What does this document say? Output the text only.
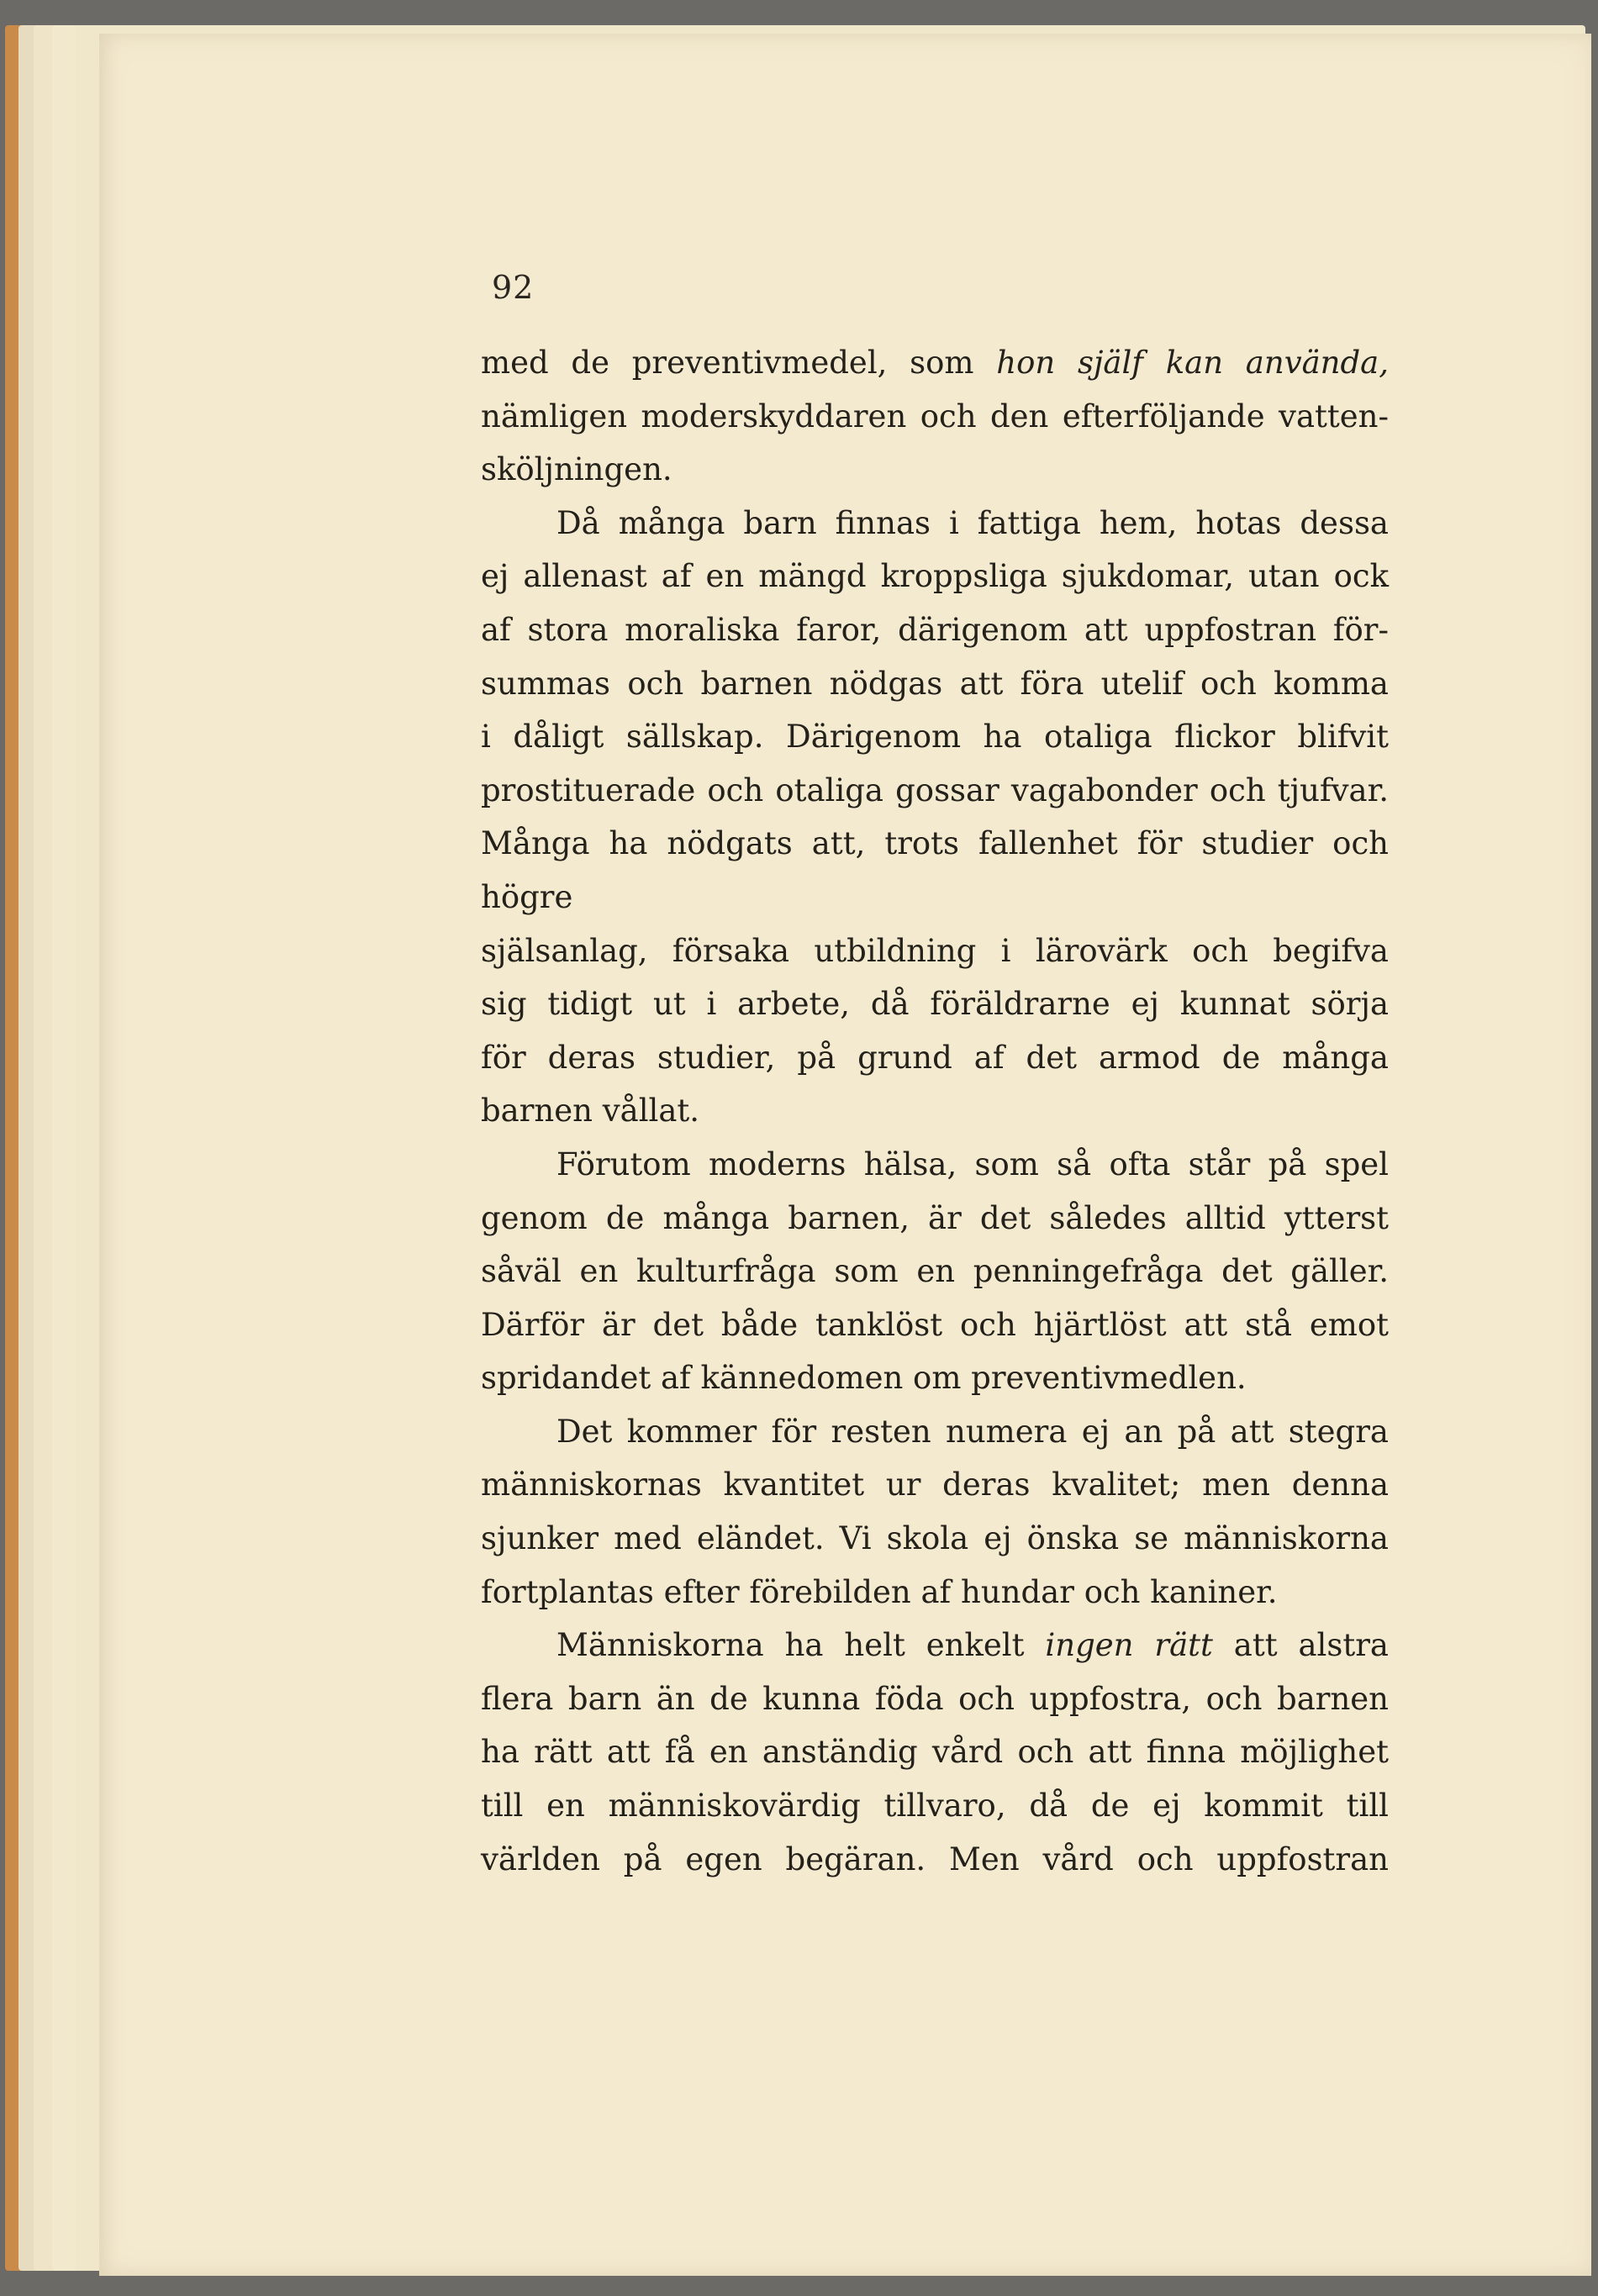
92

med de preventivmedel, som hon själf kan använda,

nämligen moderskyddaren och den efterföljande vatten-

sköljningen.

Då många barn finnas i fattiga hem, hotas dessa

ej allenast af en mängd kroppsliga sjukdomar, utan ock

af stora moraliska faror, därigenom att uppfostran för-

summas och barnen nödgas att föra utelif och komma

i dåligt sällskap. Därigenom ha otaliga flickor blifvit

prostituerade och otaliga gossar vagabonder och tjufvar.

Många ha nödgats att, trots fallenhet för studier och högre

själsanlag, försaka utbildning i lärovärk och begifva

sig tidigt ut i arbete, då föräldrarne ej kunnat sörja

för deras studier, på grund af det armod de många

barnen vållat.

Förutom moderns hälsa, som så ofta står på spel

genom de många barnen, är det således alltid ytterst

såväl en kulturfråga som en penningefråga det gäller.

Därför är det både tanklöst och hjärtlöst att stå emot

spridandet af kännedomen om preventivmedlen.

Det kommer för resten numera ej an på att stegra

människornas kvantitet ur deras kvalitet; men denna

sjunker med eländet. Vi skola ej önska se människorna

fortplantas efter förebilden af hundar och kaniner.

Människorna ha helt enkelt ingen rätt att alstra

flera barn än de kunna föda och uppfostra, och barnen

ha rätt att få en anständig vård och att finna möjlighet

till en människovärdig tillvaro, då de ej kommit till

världen på egen begäran. Men vård och uppfostran
